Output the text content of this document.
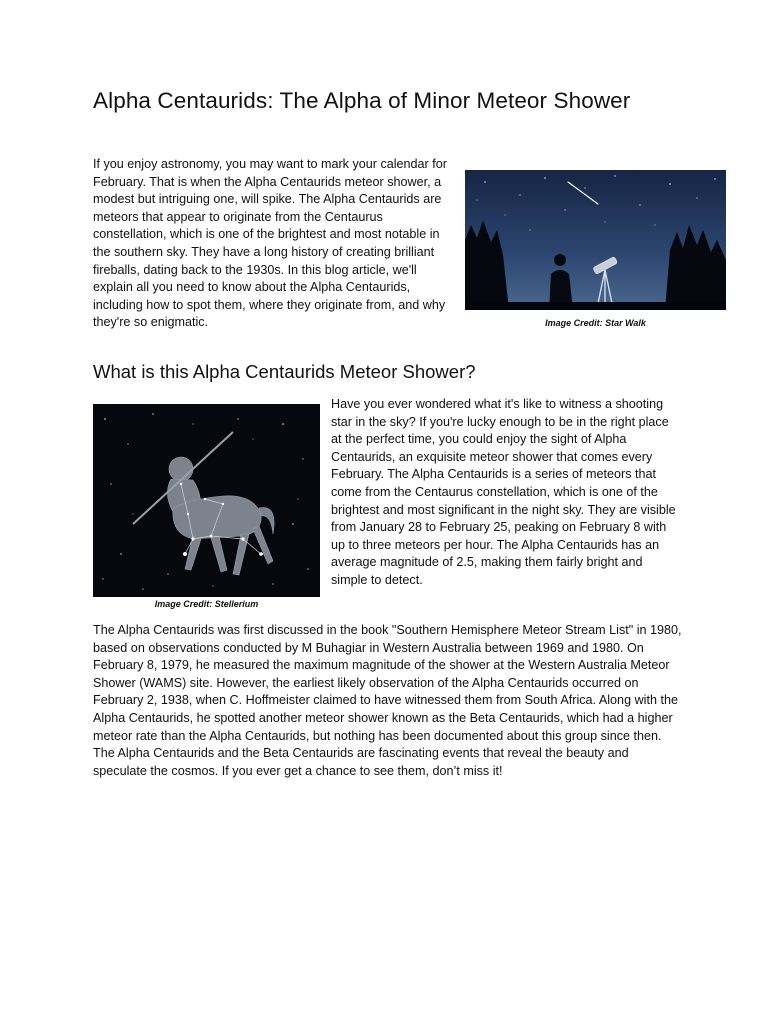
Alpha Centaurids: The Alpha of Minor Meteor Shower

If you enjoy astronomy, you may want to mark your calendar for February. That is when the Alpha Centaurids meteor shower, a modest but intriguing one, will spike. The Alpha Centaurids are meteors that appear to originate from the Centaurus constellation, which is one of the brightest and most notable in the southern sky. They have a long history of creating brilliant fireballs, dating back to the 1930s. In this blog article, we'll explain all you need to know about the Alpha Centaurids, including how to spot them, where they originate from, and why they're so enigmatic.	Image Credit: Star Walk

What is this Alpha Centaurids Meteor Shower?

Image Credit: Stellerium

Have you ever wondered what it's like to witness a shooting star in the sky? If you're lucky enough to be in the right place at the perfect time, you could enjoy the sight of Alpha Centaurids, an exquisite meteor shower that comes every February. The Alpha Centaurids is a series of meteors that come from the Centaurus constellation, which is one of the brightest and most significant in the night sky. They are visible from January 28 to February 25, peaking on February 8 with up to three meteors per hour. The Alpha Centaurids has an average magnitude of 2.5, making them fairly bright and simple to detect.

The Alpha Centaurids was first discussed in the book "Southern Hemisphere Meteor Stream List" in 1980, based on observations conducted by M Buhagiar in Western Australia between 1969 and 1980. On February 8, 1979, he measured the maximum magnitude of the shower at the Western Australia Meteor Shower (WAMS) site. However, the earliest likely observation of the Alpha Centaurids occurred on February 2, 1938, when C. Hoffmeister claimed to have witnessed them from South Africa. Along with the Alpha Centaurids, he spotted another meteor shower known as the Beta Centaurids, which had a higher meteor rate than the Alpha Centaurids, but nothing has been documented about this group since then. The Alpha Centaurids and the Beta Centaurids are fascinating events that reveal the beauty and speculate the cosmos. If you ever get a chance to see them, don’t miss it!
